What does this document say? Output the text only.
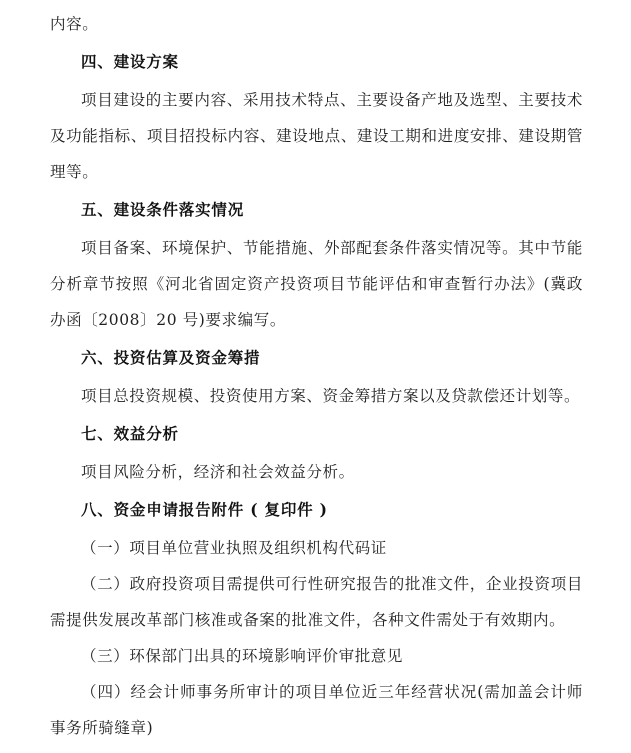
内容。

四、建设方案

项目建设的主要内容、采用技术特点、主要设备产地及选型、主要技术及功能指标、项目招投标内容、建设地点、建设工期和进度安排、建设期管理等。

五、建设条件落实情况

项目备案、环境保护、节能措施、外部配套条件落实情况等。其中节能分析章节按照《河北省固定资产投资项目节能评估和审查暂行办法》(冀政办函〔2008〕20 号)要求编写。

六、投资估算及资金筹措

项目总投资规模、投资使用方案、资金筹措方案以及贷款偿还计划等。

七、效益分析

项目风险分析，经济和社会效益分析。

八、资金申请报告附件 ( 复印件 )

（一）项目单位营业执照及组织机构代码证

（二）政府投资项目需提供可行性研究报告的批准文件，企业投资项目需提供发展改革部门核准或备案的批准文件，各种文件需处于有效期内。

（三）环保部门出具的环境影响评价审批意见

（四）经会计师事务所审计的项目单位近三年经营状况(需加盖会计师事务所骑缝章)
